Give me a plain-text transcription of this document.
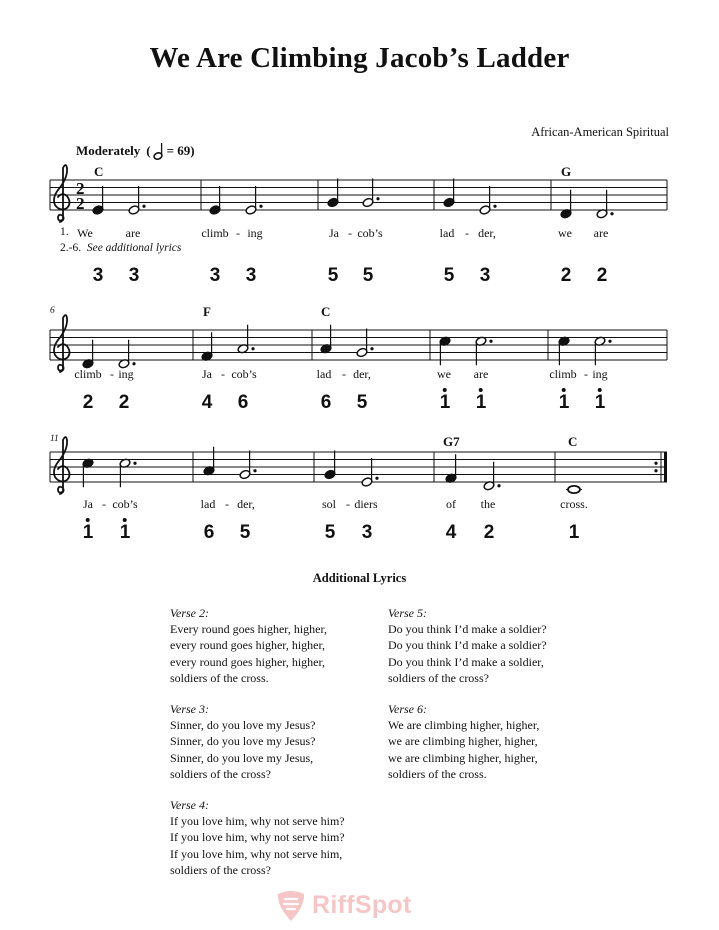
We Are Climbing Jacob’s Ladder
African-American Spiritual
Moderately ( = 69)
2
2
C	G
1.
2.-6. See additional lyrics
We	are	climb - ing	Ja - cob’s	lad - der,	we are
3 3	3 3	5 5	5 3	2 2
6	F	C
climb - ing	Ja - cob’s	lad - der,	we are	climb - ing
2 2	4 6	6 5	1 1	1 1
11	G7	C
Ja - cob’s	lad - der,	sol - diers	of the	cross.
1 1	6 5	5 3	4 2	1
Additional Lyrics
Verse 2:
Every round goes higher, higher,
every round goes higher, higher,
every round goes higher, higher,
soldiers of the cross.
Verse 3:
Sinner, do you love my Jesus?
Sinner, do you love my Jesus?
Sinner, do you love my Jesus,
soldiers of the cross?
Verse 4:
If you love him, why not serve him?
If you love him, why not serve him?
If you love him, why not serve him,
soldiers of the cross?
Verse 5:
Do you think I’d make a soldier?
Do you think I’d make a soldier?
Do you think I’d make a soldier,
soldiers of the cross?
Verse 6:
We are climbing higher, higher,
we are climbing higher, higher,
we are climbing higher, higher,
soldiers of the cross.
RiffSpot
